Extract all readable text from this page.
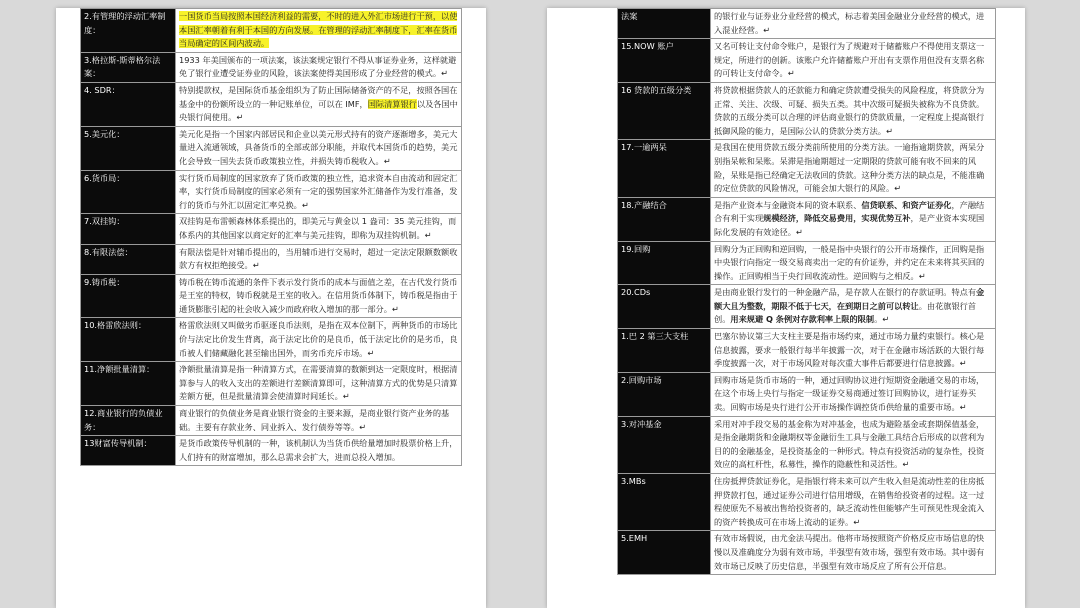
2.有管理的浮动汇率制度：	一国货币当局按照本国经济利益的需要，不时的进入外汇市场进行干预，以使本国汇率朝着有利于本国的方向发展。在管理的浮动汇率制度下，汇率在货币当局确定的区间内波动。
3.格拉斯-斯蒂格尔法案：	1933 年美国颁布的一项法案，该法案规定银行不得从事证券业务，这样就避免了银行业遭受证券业的风险，该法案使得美国形成了分业经营的模式。↵
4. SDR：	特别提款权，是国际货币基金组织为了防止国际储备资产的不足，按照各国在基金中的份额所设立的一种记账单位，可以在 IMF，国际清算银行以及各国中央银行间使用。↵
5.美元化：	美元化是指一个国家内部居民和企业以美元形式持有的资产逐渐增多，美元大量进入流通领域，具备货币的全部或部分职能，并取代本国货币的趋势，美元化会导致一国失去货币政策独立性，并损失铸币税收入。↵
6.货币局：	实行货币局制度的国家放弃了货币政策的独立性，追求资本自由流动和固定汇率，实行货币局制度的国家必须有一定的强势国家外汇储备作为发行准备，发行的货币与外汇以固定汇率兑换。↵
7.双挂钩：	双挂钩是布雷顿森林体系提出的，即美元与黄金以 1 盎司：35 美元挂钩，而体系内的其他国家以商定好的汇率与美元挂钩，即称为双挂钩机制。↵
8.有限法偿：	有限法偿是针对辅币提出的，当用辅币进行交易时，超过一定法定限额数额收款方有权拒绝接受。↵
9.铸币税：	铸币税在铸币流通的条件下表示发行货币的成本与面值之差，在古代发行货币是王室的特权，铸币税就是王室的收入。在信用货币体制下，铸币税是指由于通货膨胀引起的社会收入减少而政府收入增加的那一部分。↵
10.格雷欣法则：	格雷欣法则又叫做劣币驱逐良币法则，是指在双本位制下，两种货币的市场比价与法定比价发生背离，高于法定比价的是良币，低于法定比价的是劣币，良币被人们储藏融化甚至输出国外，而劣币充斥市场。↵
11.净额批量清算：	净额批量清算是指一种清算方式，在需要清算的数额到达一定限度时，根据清算参与人的收入支出的差额进行差额清算即可，这种清算方式的优势是只清算差额方便，但是批量清算会使清算时间延长。↵
12.商业银行的负债业务：	商业银行的负债业务是商业银行资金的主要来源，是商业银行资产业务的基础。主要有存款业务、同业拆入、发行债券等等。↵
13财富传导机制：	是货币政策传导机制的一种，该机制认为当货币供给量增加时股票价格上升，人们持有的财富增加，那么总需求会扩大，进而总投入增加。
法案	的银行业与证券业分业经营的模式，标志着美国金融业分业经营的模式，进入混业经营。↵
15.NOW 账户	又名可转让支付命令账户，是银行为了规避对于储蓄账户不得使用支票这一规定，所进行的创新。该账户允许储蓄账户开出有支票作用但没有支票名称的可转让支付命令。↵
16 贷款的五级分类	将贷款根据贷款人的还款能力和确定贷款遭受损失的风险程度，将贷款分为正常、关注、次级、可疑、损失五类。其中次级可疑损失被称为不良贷款。贷款的五级分类可以合理的评估商业银行的贷款质量，一定程度上提高银行抵御风险的能力，是国际公认的贷款分类方法。↵
17.一逾两呆	是我国在使用贷款五级分类前所使用的分类方法。一逾指逾期贷款，两呆分别指呆帐和呆账。呆滞是指逾期超过一定期限的贷款可能有收不回来的风险，呆账是指已经确定无法收回的贷款。这种分类方法的缺点是，不能准确的定位贷款的风险情况，可能会加大银行的风险。↵
18.产融结合	是指产业资本与金融资本间的资本联系、信贷联系、和资产证券化，产融结合有利于实现规模经济，降低交易费用，实现优势互补，是产业资本实现国际化发展的有效途径。↵
19.回购	回购分为正回购和逆回购，一般是指中央银行的公开市场操作，正回购是指中央银行向指定一级交易商卖出一定的有价证券，并约定在未来将其买回的操作。正回购相当于央行回收流动性。逆回购与之相反。↵
20.CDs	是由商业银行发行的一种金融产品，是存款人在银行的存款证明。特点有金额大且为整数，期限不低于七天，在到期日之前可以转让。由花旗银行首创。用来规避 Q 条例对存款利率上限的限制。↵
1.巴 2 第三大支柱	巴塞尔协议第三大支柱主要是指市场约束，通过市场力量约束银行。核心是信息披露，要求一般银行每半年披露一次，对于在金融市场活跃的大银行每季度披露一次，对于市场风险对每次重大事件后都要进行信息披露。↵
2.回购市场	回购市场是货币市场的一种，通过回购协议进行短期资金融通交易的市场，在这个市场上央行与指定一级证券交易商通过签订回购协议，进行证券买卖。回购市场是央行进行公开市场操作调控货币供给量的重要市场。↵
3.对冲基金	采用对冲手段交易的基金称为对冲基金，也成为避险基金或套期保值基金，是指金融期货和金融期权等金融衍生工具与金融工具结合后形成的以营利为目的的金融基金，是投资基金的一种形式。特点有投资活动的复杂性，投资效应的高杠杆性，私募性，操作的隐蔽性和灵活性。↵
3.MBs	住房抵押贷款证券化，是指银行将未来可以产生收入但是流动性差的住房抵押贷款打包，通过证券公司进行信用增级，在销售给投资者的过程。这一过程使原先不易被出售给投资者的，缺乏流动性但能够产生可预见性现金流入的资产转换成可在市场上流动的证券。↵
5.EMH	有效市场假说，由尤金法马提出。他将市场按照资产价格反应市场信息的快慢以及准确度分为弱有效市场，半强型有效市场，强型有效市场。其中弱有效市场已反映了历史信息，半强型有效市场反应了所有公开信息。
